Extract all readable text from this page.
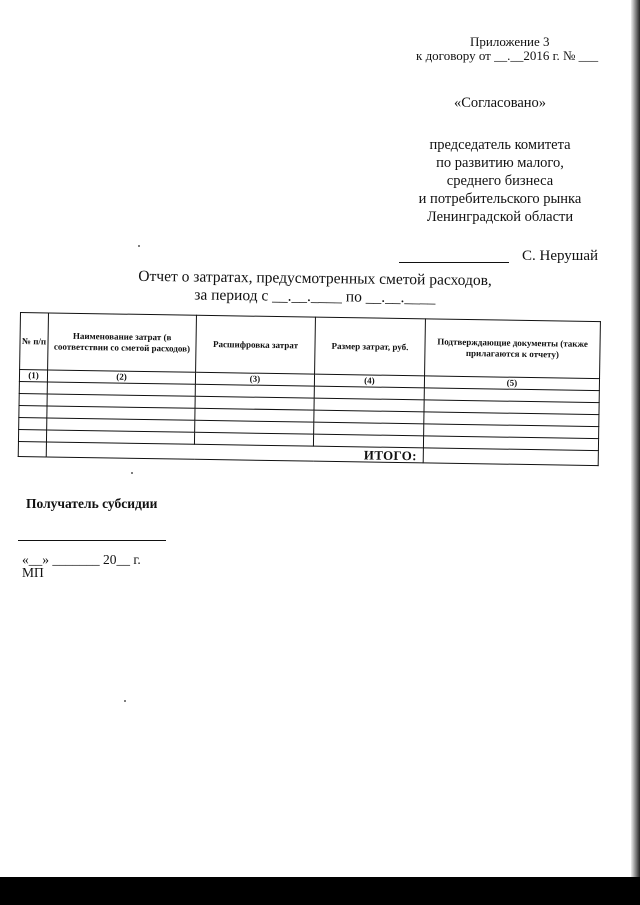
Приложение 3
к договору от __.__2016 г. № ___
«Согласовано»
председатель комитета
по развитию малого,
среднего бизнеса
и потребительского рынка
Ленинградской области
С. Нерушай
Отчет о затратах, предусмотренных сметой расходов,
за период с __.__.____ по __.__.____
№ п/п	Наименование затрат (в соответствии со сметой расходов)	Расшифровка затрат	Размер затрат, руб.	Подтверждающие документы (также прилагаются к отчету)
(1)	(2)	(3)	(4)	(5)

	ИТОГО:			
Получатель субсидии
«__» _______ 20__ г.
МП
